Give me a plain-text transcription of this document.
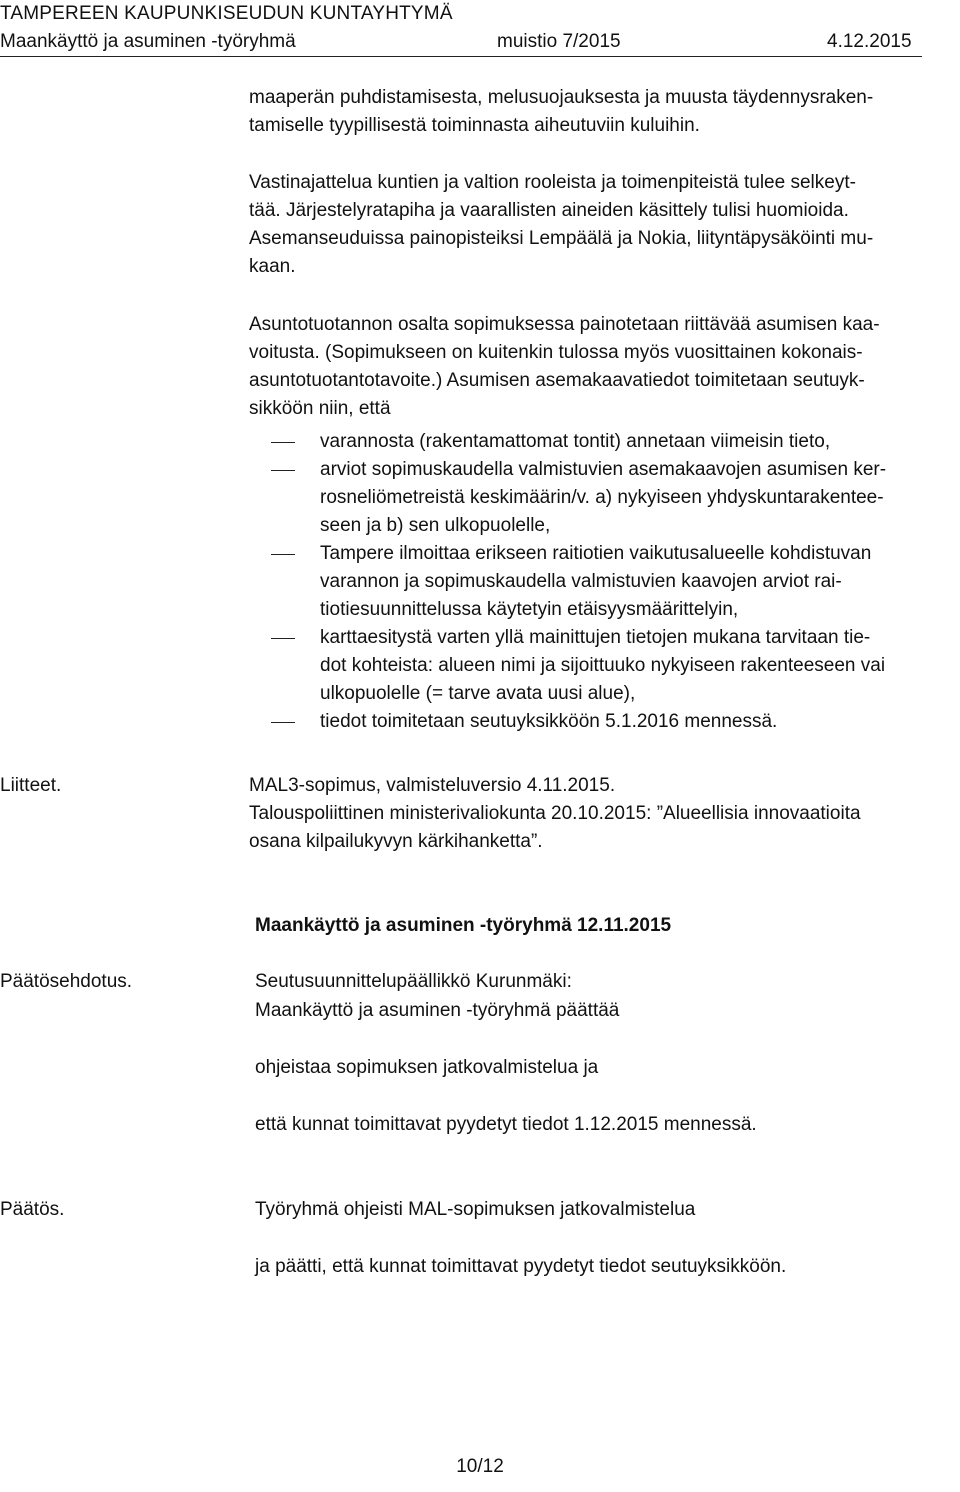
TAMPEREEN KAUPUNKISEUDUN KUNTAYHTYMÄ
Maankäyttö ja asuminen -työryhmä	muistio 7/2015	4.12.2015
maaperän puhdistamisesta, melusuojauksesta ja muusta täydennysraken-
tamiselle tyypillisestä toiminnasta aiheutuviin kuluihin.
Vastinajattelua kuntien ja valtion rooleista ja toimenpiteistä tulee selkeyt-
tää. Järjestelyratapiha ja vaarallisten aineiden käsittely tulisi huomioida.
Asemanseuduissa painopisteiksi Lempäälä ja Nokia, liityntäpysäköinti mu-
kaan.
Asuntotuotannon osalta sopimuksessa painotetaan riittävää asumisen kaa-
voitusta. (Sopimukseen on kuitenkin tulossa myös vuosittainen kokonais-
asuntotuotantotavoite.) Asumisen asemakaavatiedot toimitetaan seutuyk-
sikköön niin, että
varannosta (rakentamattomat tontit) annetaan viimeisin tieto,
arviot sopimuskaudella valmistuvien asemakaavojen asumisen ker-
rosneliömetreistä keskimäärin/v. a) nykyiseen yhdyskuntarakentee-
seen ja b) sen ulkopuolelle,
Tampere ilmoittaa erikseen raitiotien vaikutusalueelle kohdistuvan
varannon ja sopimuskaudella valmistuvien kaavojen arviot rai-
tiotiesuunnittelussa käytetyin etäisyysmäärittelyin,
karttaesitystä varten yllä mainittujen tietojen mukana tarvitaan tie-
dot kohteista: alueen nimi ja sijoittuuko nykyiseen rakenteeseen vai
ulkopuolelle (= tarve avata uusi alue),
tiedot toimitetaan seutuyksikköön 5.1.2016 mennessä.
Liitteet.	MAL3-sopimus, valmisteluversio 4.11.2015.
Talouspoliittinen ministerivaliokunta 20.10.2015: ”Alueellisia innovaatioita
osana kilpailukyvyn kärkihanketta”.
Maankäyttö ja asuminen -työryhmä 12.11.2015
Päätösehdotus.	Seutusuunnittelupäällikkö Kurunmäki:
Maankäyttö ja asuminen -työryhmä päättää
ohjeistaa sopimuksen jatkovalmistelua ja
että kunnat toimittavat pyydetyt tiedot 1.12.2015 mennessä.
Päätös.	Työryhmä ohjeisti MAL-sopimuksen jatkovalmistelua
ja päätti, että kunnat toimittavat pyydetyt tiedot seutuyksikköön.
10/12
